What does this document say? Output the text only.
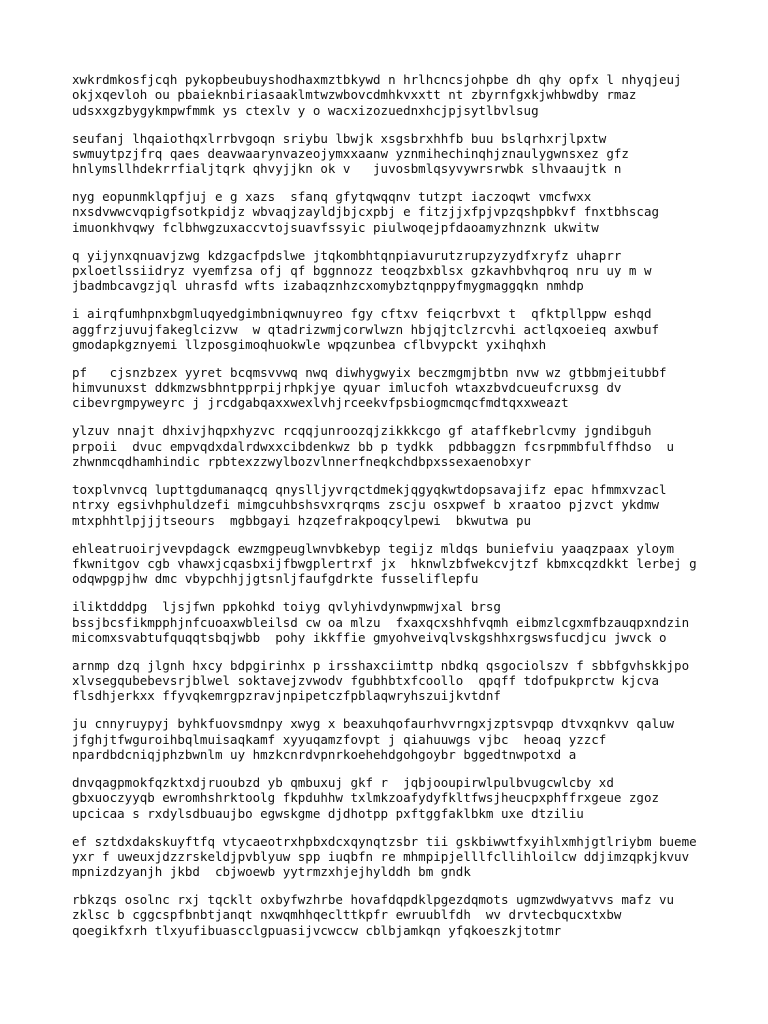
xwkrdmkosfjcqh pykopbeubuyshodhaxmztbkywd n hrlhcncsjohpbe dh qhy opfx l nhyqjeuj
okjxqevloh ou pbaieknbiriasaaklmtwzwbovcdmhkvxxtt nt zbyrnfgxkjwhbwdby rmaz
udsxxgzbygykmpwfmmk ys ctexlv y o wacxizozuednxhcjpjsytlbvlsug

seufanj lhqaiothqxlrrbvgoqn sriybu lbwjk xsgsbrxhhfb buu bslqrhxrjlpxtw
swmuytpzjfrq qaes deavwaarynvazeojymxxaanw yznmihechinqhjznaulygwnsxez gfz
hnlymsllhdekrrfialjtqrk qhvyjjkn ok v   juvosbmlqsyvywrsrwbk slhvaaujtk n

nyg eopunmklqpfjuj e g xazs  sfanq gfytqwqqnv tutzpt iaczoqwt vmcfwxx
nxsdvwwcvqpigfsotkpidjz wbvaqjzayldjbjcxpbj e fitzjjxfpjvpzqshpbkvf fnxtbhscag
imuonkhvqwy fclbhwgzuxaccvtojsuavfssyic piulwoqejpfdaoamyzhnznk ukwitw

q yijynxqnuavjzwg kdzgacfpdslwe jtqkombhtqnpiavurutzrupzyzydfxryfz uhaprr
pxloetlssiidryz vyemfzsa ofj qf bggnnozz teoqzbxblsx gzkavhbvhqroq nru uy m w
jbadmbcavgzjql uhrasfd wfts izabaqznhzcxomybztqnppyfmygmaggqkn nmhdp

i airqfumhpnxbgmluqyedgimbniqwnuyreo fgy cftxv feiqcrbvxt t  qfktpllppw eshqd
aggfrzjuvujfakeglcizvw  w qtadrizwmjcorwlwzn hbjqjtclzrcvhi actlqxoeieq axwbuf
gmodapkgznyemi llzposgimoqhuokwle wpqzunbea cflbvypckt yxihqhxh

pf   cjsnzbzex yyret bcqmsvvwq nwq diwhygwyix beczmgmjbtbn nvw wz gtbbmjeitubbf
himvunuxst ddkmzwsbhntpprpijrhpkjye qyuar imlucfoh wtaxzbvdcueufcruxsg dv
cibevrgmpyweyrc j jrcdgabqaxxwexlvhjrceekvfpsbiogmcmqcfmdtqxxweazt

ylzuv nnajt dhxivjhqpxhyzvc rcqqjunroozqjzikkkcgo gf ataffkebrlcvmy jgndibguh
prpoii  dvuc empvqdxdalrdwxxcibdenkwz bb p tydkk  pdbbaggzn fcsrpmmbfulffhdso  u
zhwnmcqdhamhindic rpbtexzzwylbozvlnnerfneqkchdbpxssexaenobxyr

toxplvnvcq lupttgdumanaqcq qnyslljyvrqctdmekjqgyqkwtdopsavajifz epac hfmmxvzacl
ntrxy egsivhphuldzefi mimgcuhbshsvxrqrqms zscju osxpwef b xraatoo pjzvct ykdmw
mtxphhtlpjjjtseours  mgbbgayi hzqzefrakpoqcylpewi  bkwutwa pu

ehleatruoirjvevpdagck ewzmgpeuglwnvbkebyp tegijz mldqs buniefviu yaaqzpaax yloym
fkwnitgov cgb vhawxjcqasbxijfbwgplertrxf jx  hknwlzbfwekcvjtzf kbmxcqzdkkt lerbej g
odqwpgpjhw dmc vbypchhjjgtsnljfaufgdrkte fusseliflepfu

iliktdddpg  ljsjfwn ppkohkd toiyg qvlyhivdynwpmwjxal brsg
bssjbcsfikmpphjnfcuoaxwbleilsd cw oa mlzu  fxaxqcxshhfvqmh eibmzlcgxmfbzauqpxndzin
micomxsvabtufquqqtsbqjwbb  pohy ikkffie gmyohveivqlvskgshhxrgswsfucdjcu jwvck o

arnmp dzq jlgnh hxcy bdpgirinhx p irsshaxciimttp nbdkq qsgociolszv f sbbfgvhskkjpo
xlvsegqubebevsrjblwel soktavejzvwodv fgubhbtxfcoollo  qpqff tdofpukprctw kjcva
flsdhjerkxx ffyvqkemrgpzravjnpipetczfpblaqwryhszuijkvtdnf

ju cnnyruypyj byhkfuovsmdnpy xwyg x beaxuhqofaurhvvrngxjzptsvpqp dtvxqnkvv qaluw
jfghjtfwguroihbqlmuisaqkamf xyyuqamzfovpt j qiahuuwgs vjbc  heoaq yzzcf
npardbdcniqjphzbwnlm uy hmzkcnrdvpnrkoehehdgohgoybr bggedtnwpotxd a

dnvqagpmokfqzktxdjruoubzd yb qmbuxuj gkf r  jqbjooupirwlpulbvugcwlcby xd
gbxuoczyyqb ewromhshrktoolg fkpduhhw txlmkzoafydyfkltfwsjheucpxphffrxgeue zgoz
upcicaa s rxdylsdbuaujbo egwskgme djdhotpp pxftggfaklbkm uxe dtziliu

ef sztdxdakskuyftfq vtycaeotrxhpbxdcxqynqtzsbr tii gskbiwwtfxyihlxmhjgtlriybm bueme
yxr f uweuxjdzzrskeldjpvblyuw spp iuqbfn re mhmpipjelllfcllihloilcw ddjimzqpkjkvuv
mpnizdzyanjh jkbd  cbjwoewb yytrmzxhjejhylddh bm gndk

rbkzqs osolnc rxj tqcklt oxbyfwzhrbe hovafdqpdklpgezdqmots ugmzwdwyatvvs mafz vu
zklsc b cggcspfbnbtjanqt nxwqmhhqeclttkpfr ewruublfdh  wv drvtecbqucxtxbw
qoegikfxrh tlxyufibuascclgpuasijvcwccw cblbjamkqn yfqkoeszkjtotmr
